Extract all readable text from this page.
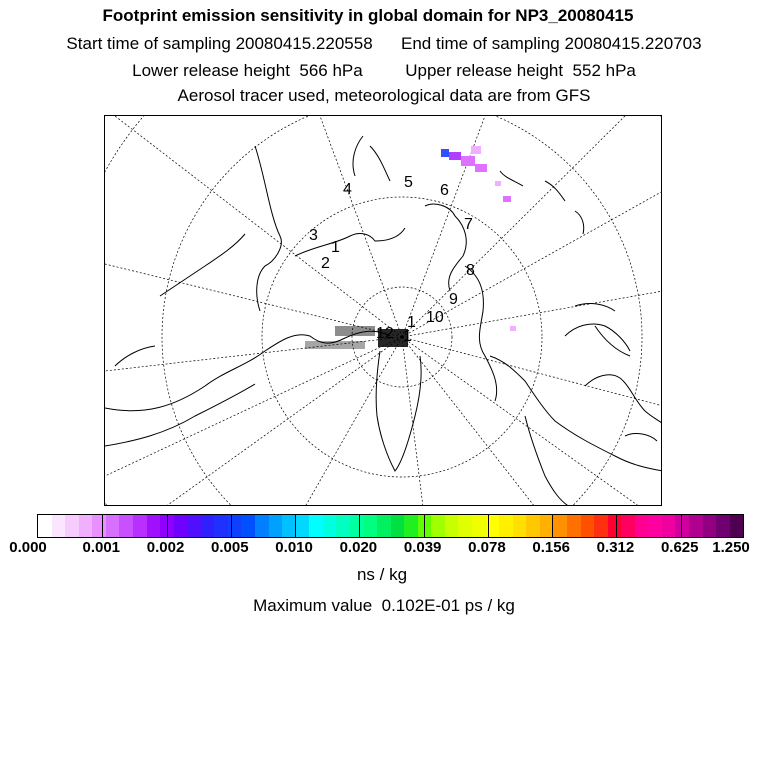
Footprint emission sensitivity in global domain for NP3_20080415
Start time of sampling 20080415.220558 End time of sampling 20080415.220703
Lower release height 566 hPa	Upper release height 552 hPa
Aerosol tracer used, meteorological data are from GFS
1
2
3
4	5 6
7
8
9
10
1
12 1
0.000 0.001 0.002 0.005 0.010 0.020 0.039 0.078 0.156 0.312 0.625 1.250
ns / kg
Maximum value 0.102E-01 ps / kg
